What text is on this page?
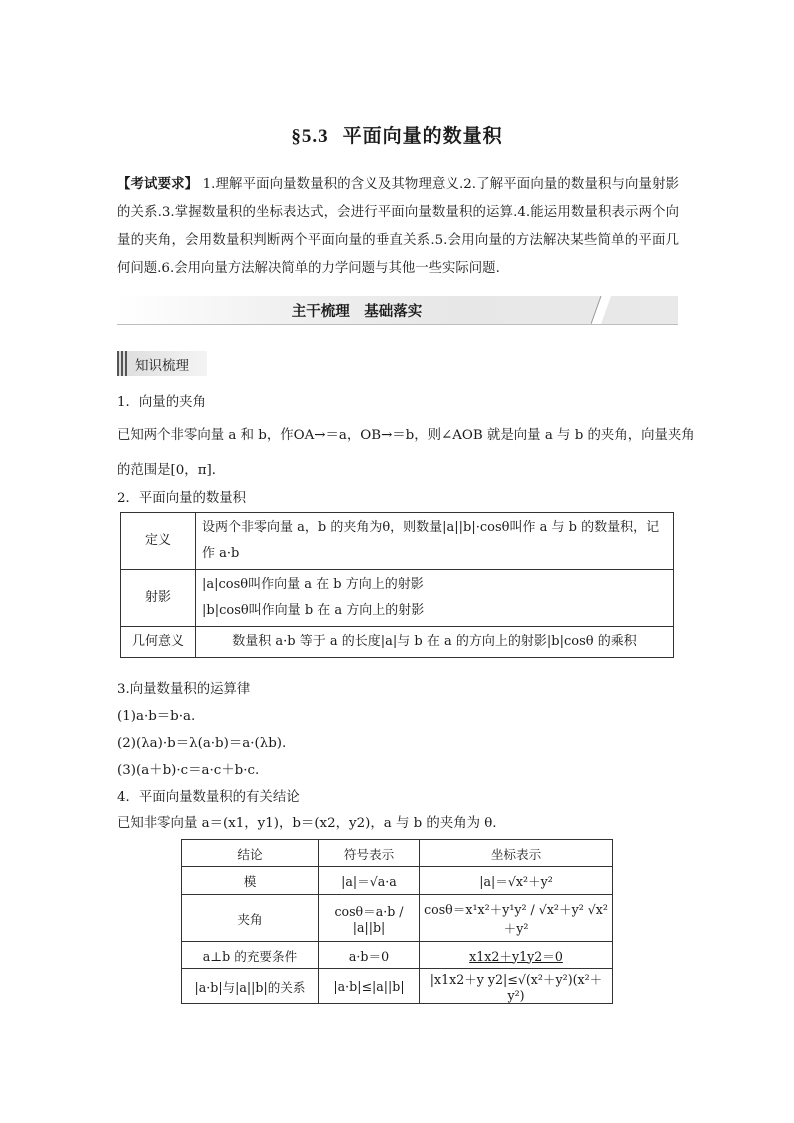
§5.3 平面向量的数量积
【考试要求】 1.理解平面向量数量积的含义及其物理意义.2.了解平面向量的数量积与向量射影的关系.3.掌握数量积的坐标表达式，会进行平面向量数量积的运算.4.能运用数量积表示两个向量的夹角，会用数量积判断两个平面向量的垂直关系.5.会用向量的方法解决某些简单的平面几何问题.6.会用向量方法解决简单的力学问题与其他一些实际问题.
主干梳理　基础落实
知识梳理
1．向量的夹角
已知两个非零向量 a 和 b，作OA→＝a，OB→＝b，则∠AOB 就是向量 a 与 b 的夹角，向量夹角
的范围是[0，π]．
2．平面向量的数量积
定义	设两个非零向量 a，b 的夹角为θ，则数量|a||b|·cosθ叫作 a 与 b 的数量积，记
作 a·b

射影	|a|cosθ叫作向量 a 在 b 方向上的射影
|b|cosθ叫作向量 b 在 a 方向上的射影

几何意义	数量积 a·b 等于 a 的长度|a|与 b 在 a 的方向上的射影|b|cosθ 的乘积
3.向量数量积的运算律
(1)a·b＝b·a.
(2)(λa)·b＝λ(a·b)＝a·(λb).
(3)(a＋b)·c＝a·c＋b·c.
4．平面向量数量积的有关结论
已知非零向量 a＝(x1，y1)，b＝(x2，y2)，a 与 b 的夹角为 θ.
结论	符号表示	坐标表示
模	|a|＝√a·a	|a|＝√x²＋y²
夹角	cosθ＝a·b / |a||b|	cosθ＝x¹x²＋y¹y² / √x²＋y² √x²＋y²
a⊥b 的充要条件	a·b＝0	x1x2＋y1y2＝0
|a·b|与|a||b|的关系	|a·b|≤|a||b|	|x1x2＋y y2|≤√(x²＋y²)(x²＋y²)
